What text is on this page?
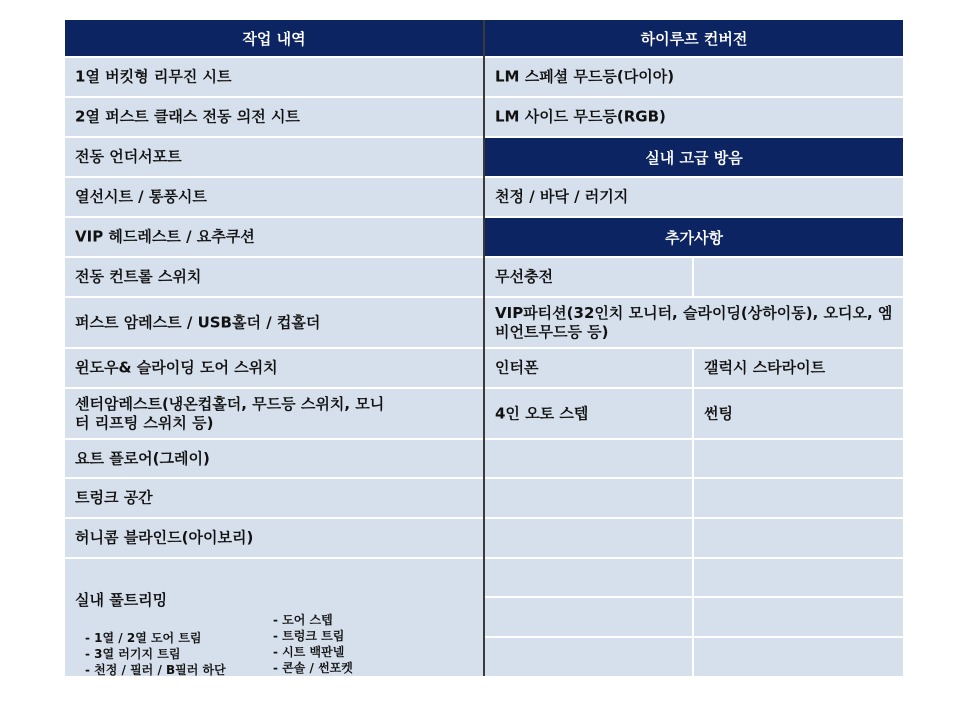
작업 내역
1열 버킷형 리무진 시트
2열 퍼스트 클래스 전동 의전 시트
전동 언더서포트
열선시트 / 통풍시트
VIP 헤드레스트 / 요추쿠션
전동 컨트롤 스위치
퍼스트 암레스트 / USB홀더 / 컵홀더
윈도우& 슬라이딩 도어 스위치
센터암레스트(냉온컵홀더, 무드등 스위치, 모니터 리프팅 스위치 등)
요트 플로어(그레이)
트렁크 공간
허니콤 블라인드(아이보리)
실내 풀트리밍
- 1열 / 2열 도어 트림
- 3열 러기지 트림
- 천정 / 필러 / B필러 하단
- 도어 스텝
- 트렁크 트림
- 시트 백판넬
- 콘솔 / 썬포켓
하이루프 컨버전
LM 스페셜 무드등(다이아)
LM 사이드 무드등(RGB)
실내 고급 방음
천정 / 바닥 / 러기지
추가사항
무선충전
VIP파티션(32인치 모니터, 슬라이딩(상하이동), 오디오, 엠비언트무드등 등)
인터폰	갤럭시 스타라이트
4인 오토 스텝	썬팅
